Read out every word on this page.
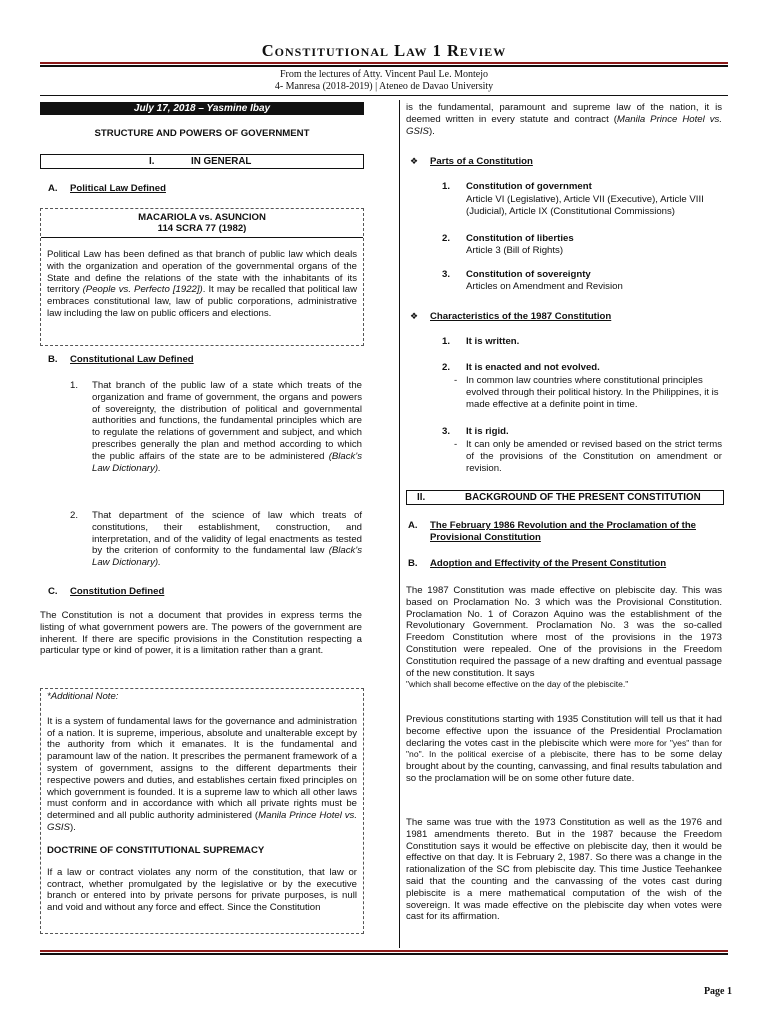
Constitutional Law 1 Review
From the lectures of Atty. Vincent Paul Le. Montejo
4- Manresa (2018-2019) | Ateneo de Davao University
July 17, 2018 – Yasmine Ibay
STRUCTURE AND POWERS OF GOVERNMENT
I.	IN GENERAL

A. Political Law Defined
MACARIOLA vs. ASUNCION
114 SCRA 77 (1982)

Political Law has been defined as that branch of public law which deals with the organization and operation of the governmental organs of the State and define the relations of the state with the inhabitants of its territory (People vs. Perfecto [1922]). It may be recalled that political law embraces constitutional law, law of public corporations, administrative law including the law on public officers and elections.

B. Constitutional Law Defined
1. That branch of the public law of a state which treats of the organization and frame of government, the organs and powers of sovereignty, the distribution of political and governmental authorities and functions, the fundamental principles which are to regulate the relations of government and subject, and which prescribes generally the plan and method according to which the public affairs of the state are to be administered (Black's Law Dictionary).

2. That department of the science of law which treats of constitutions, their establishment, construction, and interpretation, and of the validity of legal enactments as tested by the criterion of conformity to the fundamental law (Black's Law Dictionary).

C. Constitution Defined

The Constitution is not a document that provides in express terms the listing of what government powers are. The powers of the government are inherent. If there are specific provisions in the Constitution respecting a particular type or kind of power, it is a limitation rather than a grant.

*Additional Note:

It is a system of fundamental laws for the governance and administration of a nation. It is supreme, imperious, absolute and unalterable except by the authority from which it emanates. It is the fundamental and paramount law of the nation. It prescribes the permanent framework of a system of government, assigns to the different departments their respective powers and duties, and establishes certain fixed principles on which government is founded. It is a supreme law to which all other laws must conform and in accordance with which all private rights must be determined and all public authority administered (Manila Prince Hotel vs. GSIS).

DOCTRINE OF CONSTITUTIONAL SUPREMACY

If a law or contract violates any norm of the constitution, that law or contract, whether promulgated by the legislative or by the executive branch or entered into by private persons for private purposes, is null and void and without any force and effect. Since the Constitution

is the fundamental, paramount and supreme law of the nation, it is deemed written in every statute and contract (Manila Prince Hotel vs. GSIS).

❖ Parts of a Constitution
1. Constitution of government

Article VI (Legislative), Article VII (Executive), Article VIII (Judicial), Article IX (Constitutional Commissions)

2. Constitution of liberties

Article 3 (Bill of Rights)

3. Constitution of sovereignty

Articles on Amendment and Revision

❖ Characteristics of the 1987 Constitution
1. It is written.
2. It is enacted and not evolved.
- In common law countries where constitutional principles evolved through their political history. In the Philippines, it is made effective at a definite point in time.

3. It is rigid.
- It can only be amended or revised based on the strict terms of the provisions of the Constitution on amendment or revision.

II.	BACKGROUND OF THE PRESENT CONSTITUTION

A. The February 1986 Revolution and the Proclamation of the Provisional Constitution
B. Adoption and Effectivity of the Present Constitution

The 1987 Constitution was made effective on plebiscite day. This was based on Proclamation No. 3 which was the Provisional Constitution. Proclamation No. 1 of Corazon Aquino was the establishment of the Revolutionary Government. Proclamation No. 3 was the so-called Freedom Constitution where most of the provisions in the 1973 Constitution were repealed. One of the provisions in the Freedom Constitution required the passage of a new drafting and eventual passage of the new constitution. It says
"which shall become effective on the day of the plebiscite."

Previous constitutions starting with 1935 Constitution will tell us that it had become effective upon the issuance of the Presidential Proclamation declaring the votes cast in the plebiscite which were more for "yes" than for "no". In the political exercise of a plebiscite, there has to be some delay brought about by the counting, canvassing, and final results tabulation and so the proclamation will be on some other future date.

The same was true with the 1973 Constitution as well as the 1976 and 1981 amendments thereto. But in the 1987 because the Freedom Constitution says it would be effective on plebiscite day, then it would be effective on that day. It is February 2, 1987. So there was a change in the rationalization of the SC from plebiscite day. This time Justice Teehankee said that the counting and the canvassing of the votes cast during plebiscite is a mere mathematical computation of the wish of the sovereign. It was made effective on the plebiscite day when votes were cast for its affirmation.

Page 1
